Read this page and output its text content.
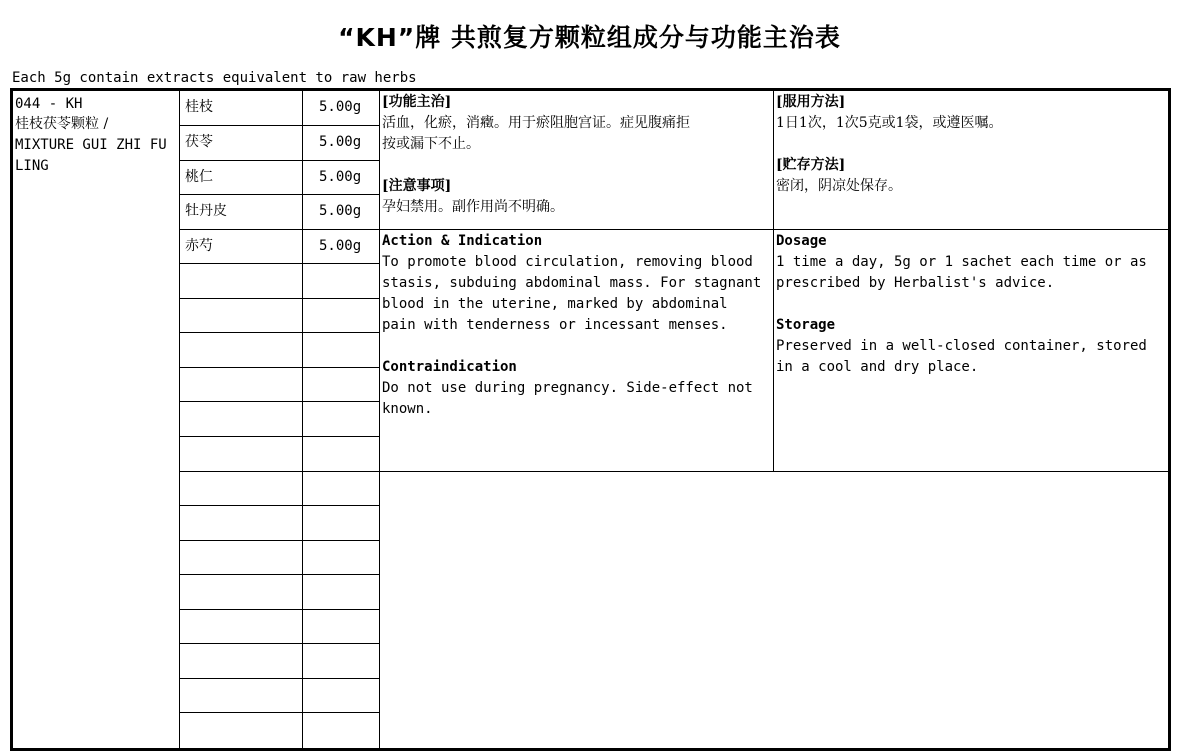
“KH”牌 共煎复方颗粒组成分与功能主治表
Each 5g contain extracts equivalent to raw herbs
044 - KH
桂枝茯苓颗粒 /
MIXTURE GUI ZHI FU
LING
桂枝	5.00g
茯苓	5.00g
桃仁	5.00g
牡丹皮	5.00g
赤芍	5.00g
[功能主治]
活血，化瘀，消癥。用于瘀阻胞宫证。症见腹痛拒
按或漏下不止。
[注意事项]
孕妇禁用。副作用尚不明确。
[服用方法]
1日1次，1次5克或1袋，或遵医嘱。
[贮存方法]
密闭，阴凉处保存。
Action & Indication
To promote blood circulation, removing blood
stasis, subduing abdominal mass. For stagnant
blood in the uterine, marked by abdominal
pain with tenderness or incessant menses.
Contraindication
Do not use during pregnancy. Side-effect not
known.
Dosage
1 time a day, 5g or 1 sachet each time or as
prescribed by Herbalist's advice.
Storage
Preserved in a well-closed container, stored
in a cool and dry place.
